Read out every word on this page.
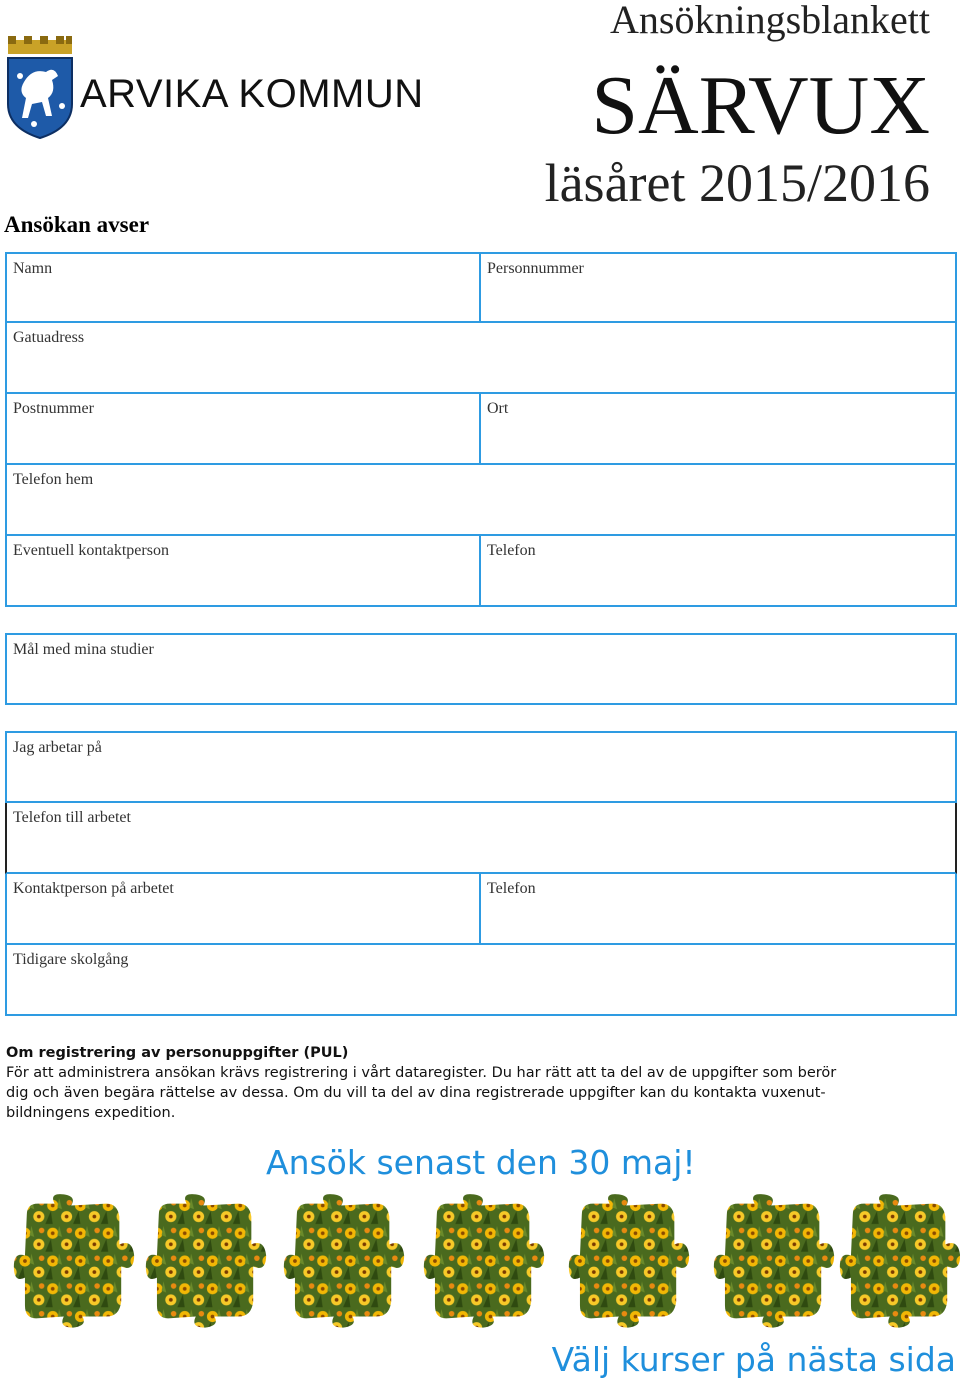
ARVIKA KOMMUN
Ansökningsblankett
SÄRVUX
läsåret 2015/2016
Ansökan avser
Namn	Personnummer
Gatuadress
Postnummer	Ort
Telefon hem
Eventuell kontaktperson	Telefon
Mål med mina studier
Jag arbetar på
Telefon till arbetet
Kontaktperson på arbetet	Telefon
Tidigare skolgång
Om registrering av personuppgifter (PUL)

För att administrera ansökan krävs registrering i vårt dataregister. Du har rätt att ta del av de uppgifter som berör

dig och även begära rättelse av dessa. Om du vill ta del av dina registrerade uppgifter kan du kontakta vuxenut-

bildningens expedition.

Ansök senast den 30 maj!
Välj kurser på nästa sida
